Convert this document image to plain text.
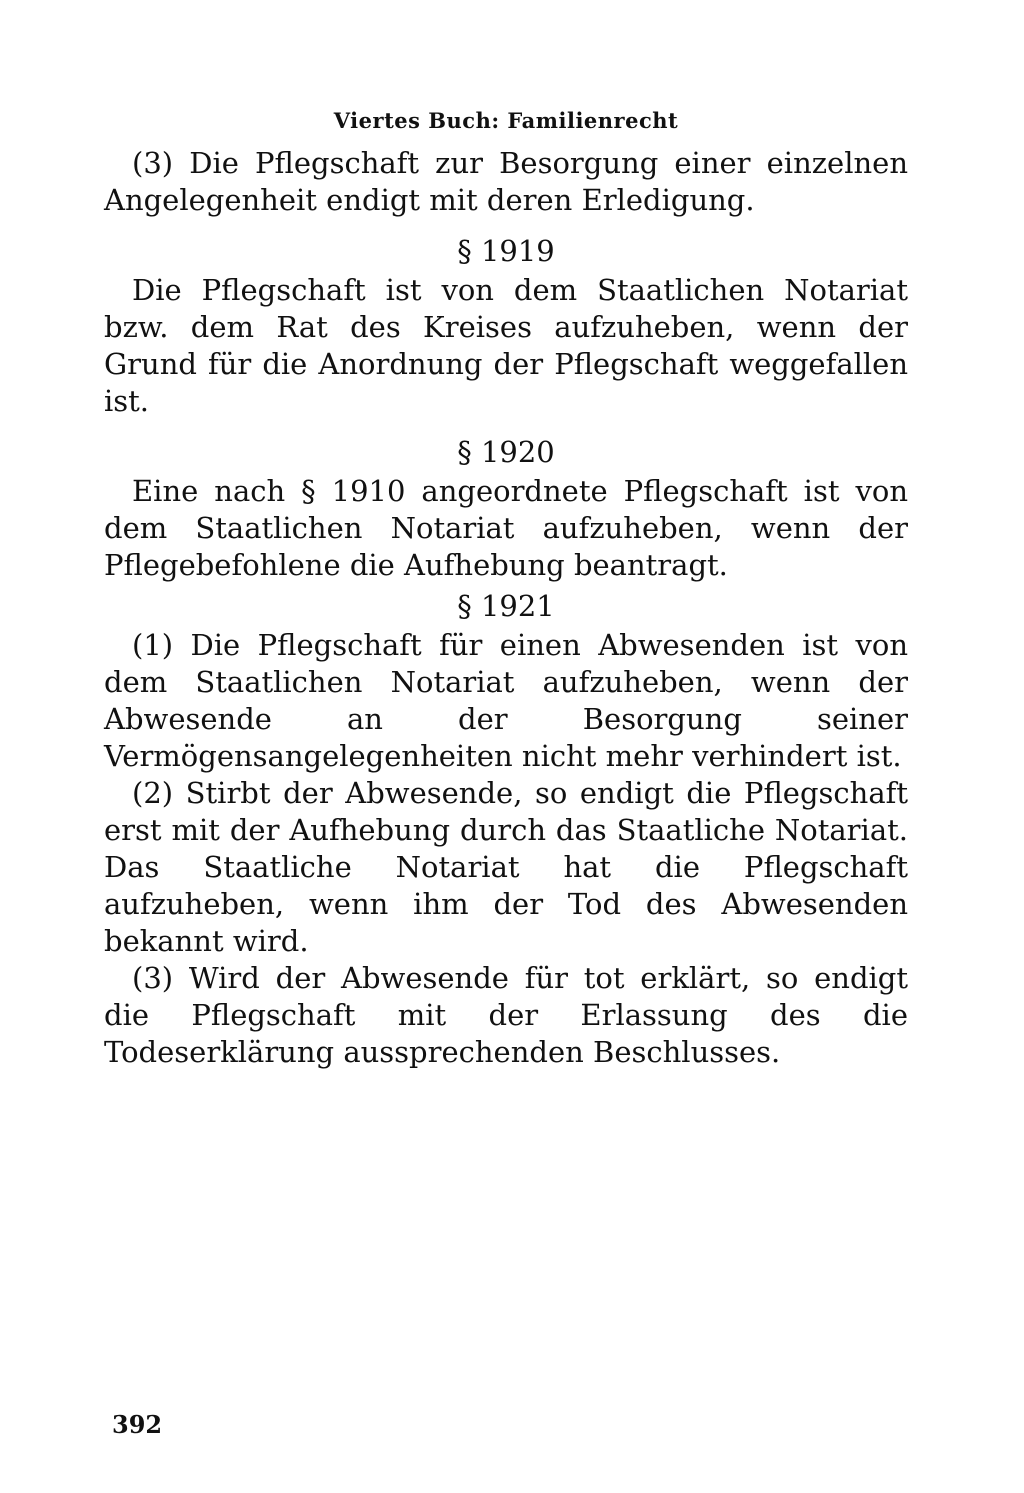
Viertes Buch: Familienrecht

(3) Die Pflegschaft zur Besorgung einer einzelnen Angelegenheit endigt mit deren Erledigung.

§ 1919

Die Pflegschaft ist von dem Staatlichen Notariat bzw. dem Rat des Kreises aufzuheben, wenn der Grund für die Anordnung der Pflegschaft weggefallen ist.

§ 1920

Eine nach § 1910 angeordnete Pflegschaft ist von dem Staatlichen Notariat aufzuheben, wenn der Pflegebefohlene die Aufhebung beantragt.

§ 1921

(1) Die Pflegschaft für einen Abwesenden ist von dem Staatlichen Notariat aufzuheben, wenn der Abwesende an der Besorgung seiner Vermögensangelegenheiten nicht mehr verhindert ist.

(2) Stirbt der Abwesende, so endigt die Pflegschaft erst mit der Aufhebung durch das Staatliche Notariat. Das Staatliche Notariat hat die Pflegschaft aufzuheben, wenn ihm der Tod des Abwesenden bekannt wird.

(3) Wird der Abwesende für tot erklärt, so endigt die Pflegschaft mit der Erlassung des die Todeserklärung aussprechenden Beschlusses.

392
